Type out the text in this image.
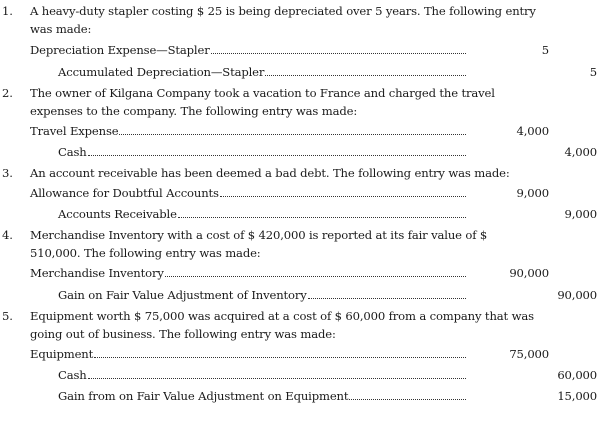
1. A heavy-duty stapler costing $ 25 is being depreciated over 5 years. The following entry
was made:
Depreciation Expense—Stapler	5
Accumulated Depreciation—Stapler	5
2. The owner of Kilgana Company took a vacation to France and charged the travel
expenses to the company. The following entry was made:
Travel Expense	4,000
Cash	4,000
3. An account receivable has been deemed a bad debt. The following entry was made:
Allowance for Doubtful Accounts	9,000
Accounts Receivable	9,000
4. Merchandise Inventory with a cost of $ 420,000 is reported at its fair value of $
510,000. The following entry was made:
Merchandise Inventory	90,000
Gain on Fair Value Adjustment of Inventory	90,000
5. Equipment worth $ 75,000 was acquired at a cost of $ 60,000 from a company that was
going out of business. The following entry was made:
Equipment	75,000
Cash	60,000
Gain from on Fair Value Adjustment on Equipment	15,000
